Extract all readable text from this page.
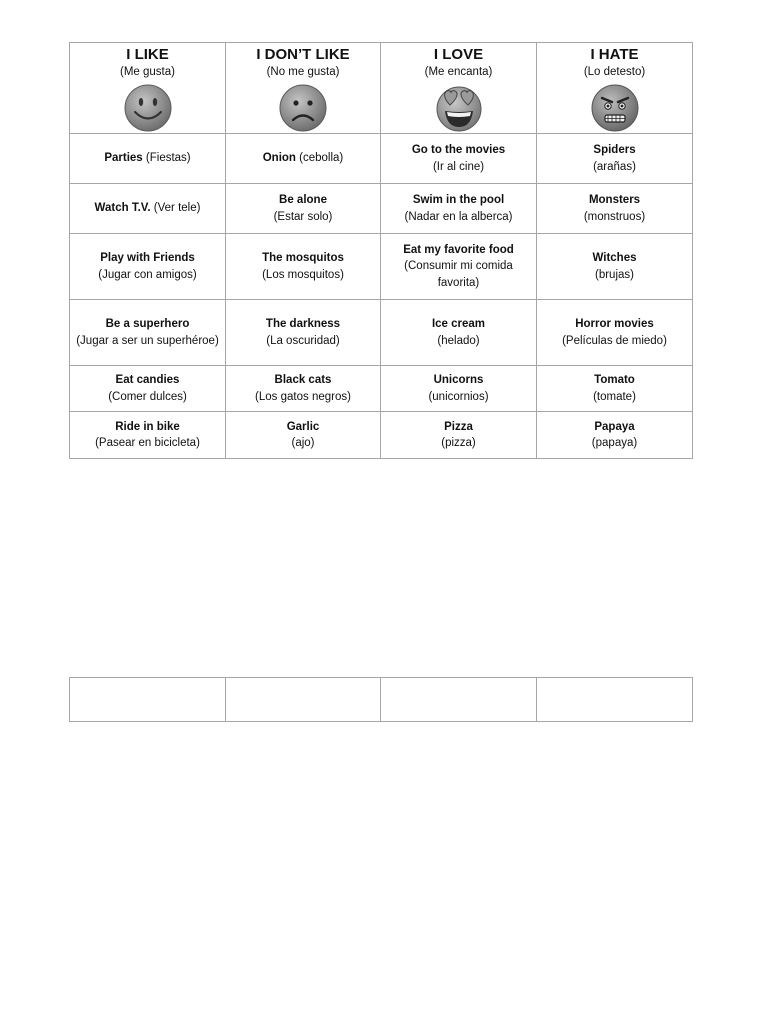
I LIKE
(Me gusta)	I DON’T LIKE
(No me gusta)	I LOVE
(Me encanta)	I HATE
(Lo detesto)

Parties (Fiestas)	Onion (cebolla)	Go to the movies
(Ir al cine)	Spiders
(arañas)

Watch T.V. (Ver tele)	Be alone
(Estar solo)	Swim in the pool
(Nadar en la alberca)	Monsters
(monstruos)

Play with Friends
(Jugar con amigos)	The mosquitos
(Los mosquitos)	Eat my favorite food
(Consumir mi comida favorita)	Witches
(brujas)

Be a superhero
(Jugar a ser un superhéroe)	The darkness
(La oscuridad)	Ice cream
(helado)	Horror movies
(Películas de miedo)

Eat candies
(Comer dulces)	Black cats
(Los gatos negros)	Unicorns
(unicornios)	Tomato
(tomate)

Ride in bike
(Pasear en bicicleta)	Garlic
(ajo)	Pizza
(pizza)	Papaya
(papaya)
